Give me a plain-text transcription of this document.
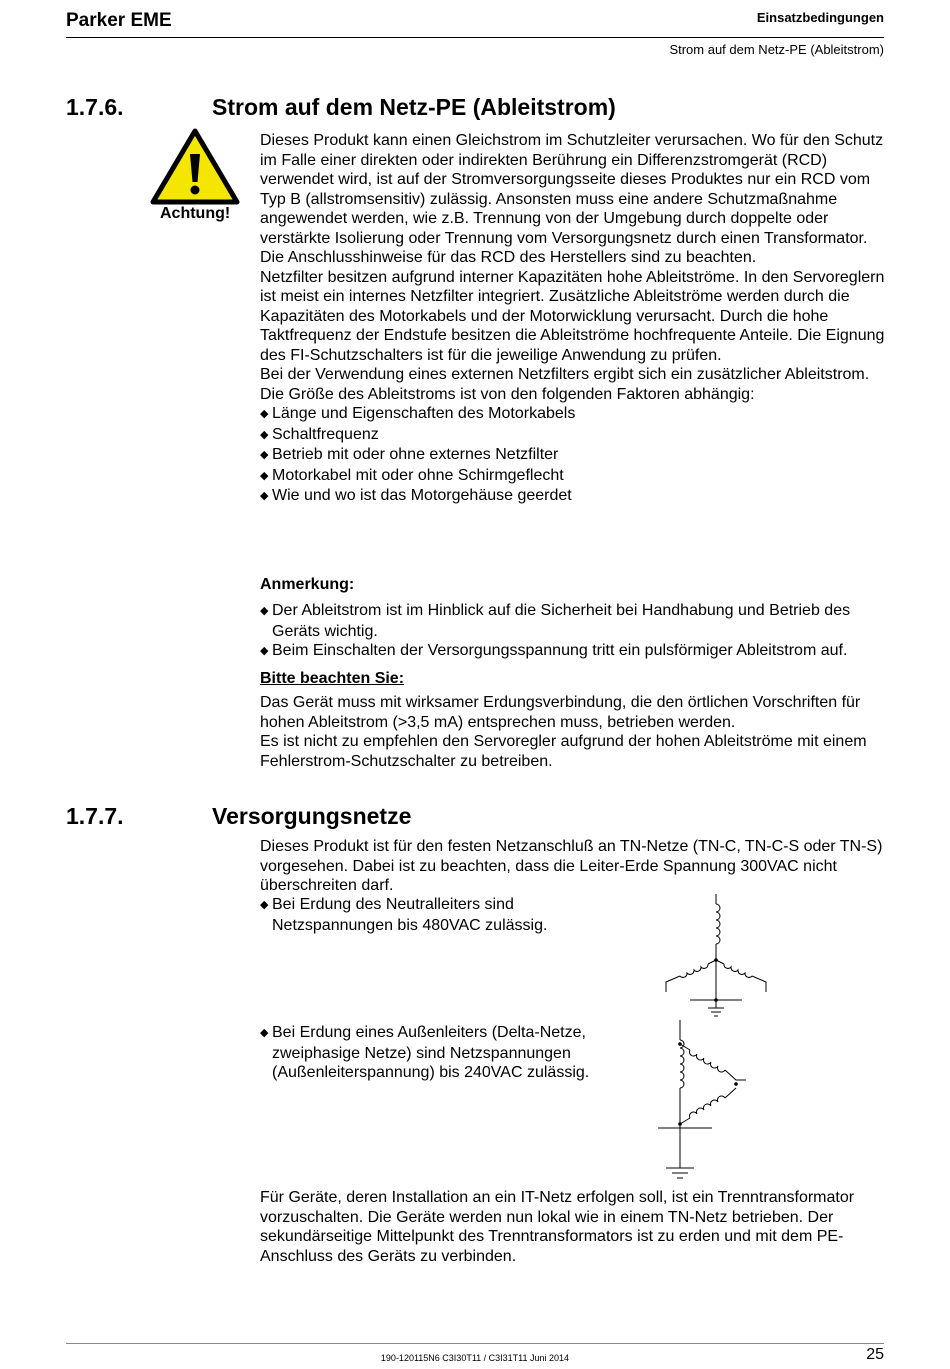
Parker EME	Einsatzbedingungen
Strom auf dem Netz-PE (Ableitstrom)
1.7.6.	Strom auf dem Netz-PE (Ableitstrom)
Achtung!

Dieses Produkt kann einen Gleichstrom im Schutzleiter verursachen. Wo für den Schutz im Falle einer direkten oder indirekten Berührung ein Differenzstromgerät (RCD) verwendet wird, ist auf der Stromversorgungsseite dieses Produktes nur ein RCD vom Typ B (allstromsensitiv) zulässig. Ansonsten muss eine andere Schutzmaßnahme angewendet werden, wie z.B. Trennung von der Umgebung durch doppelte oder verstärkte Isolierung oder Trennung vom Versorgungsnetz durch einen Transformator.

Die Anschlusshinweise für das RCD des Herstellers sind zu beachten.

Netzfilter besitzen aufgrund interner Kapazitäten hohe Ableitströme. In den Servoreglern ist meist ein internes Netzfilter integriert. Zusätzliche Ableitströme werden durch die Kapazitäten des Motorkabels und der Motorwicklung verursacht. Durch die hohe Taktfrequenz der Endstufe besitzen die Ableitströme hochfrequente Anteile. Die Eignung des FI-Schutzschalters ist für die jeweilige Anwendung zu prüfen.

Bei der Verwendung eines externen Netzfilters ergibt sich ein zusätzlicher Ableitstrom.

Die Größe des Ableitstroms ist von den folgenden Faktoren abhängig:

◆ Länge und Eigenschaften des Motorkabels
◆ Schaltfrequenz
◆ Betrieb mit oder ohne externes Netzfilter
◆ Motorkabel mit oder ohne Schirmgeflecht
◆ Wie und wo ist das Motorgehäuse geerdet
Anmerkung:
◆ Der Ableitstrom ist im Hinblick auf die Sicherheit bei Handhabung und Betrieb des Geräts wichtig.
◆ Beim Einschalten der Versorgungsspannung tritt ein pulsförmiger Ableitstrom auf.
Bitte beachten Sie:

Das Gerät muss mit wirksamer Erdungsverbindung, die den örtlichen Vorschriften für hohen Ableitstrom (>3,5 mA) entsprechen muss, betrieben werden.

Es ist nicht zu empfehlen den Servoregler aufgrund der hohen Ableitströme mit einem Fehlerstrom-Schutzschalter zu betreiben.

1.7.7.	Versorgungsnetze
Dieses Produkt ist für den festen Netzanschluß an TN-Netze (TN-C, TN-C-S oder TN-S) vorgesehen. Dabei ist zu beachten, dass die Leiter-Erde Spannung 300VAC nicht überschreiten darf.
◆ Bei Erdung des Neutralleiters sind Netzspannungen bis 480VAC zulässig.
◆ Bei Erdung eines Außenleiters (Delta-Netze, zweiphasige Netze) sind Netzspannungen (Außenleiterspannung) bis 240VAC zulässig.
Für Geräte, deren Installation an ein IT-Netz erfolgen soll, ist ein Trenntransformator vorzuschalten. Die Geräte werden nun lokal wie in einem TN-Netz betrieben. Der sekundärseitige Mittelpunkt des Trenntransformators ist zu erden und mit dem PE-Anschluss des Geräts zu verbinden.
190-120115N6 C3I30T11 / C3I31T11 Juni 2014	25
